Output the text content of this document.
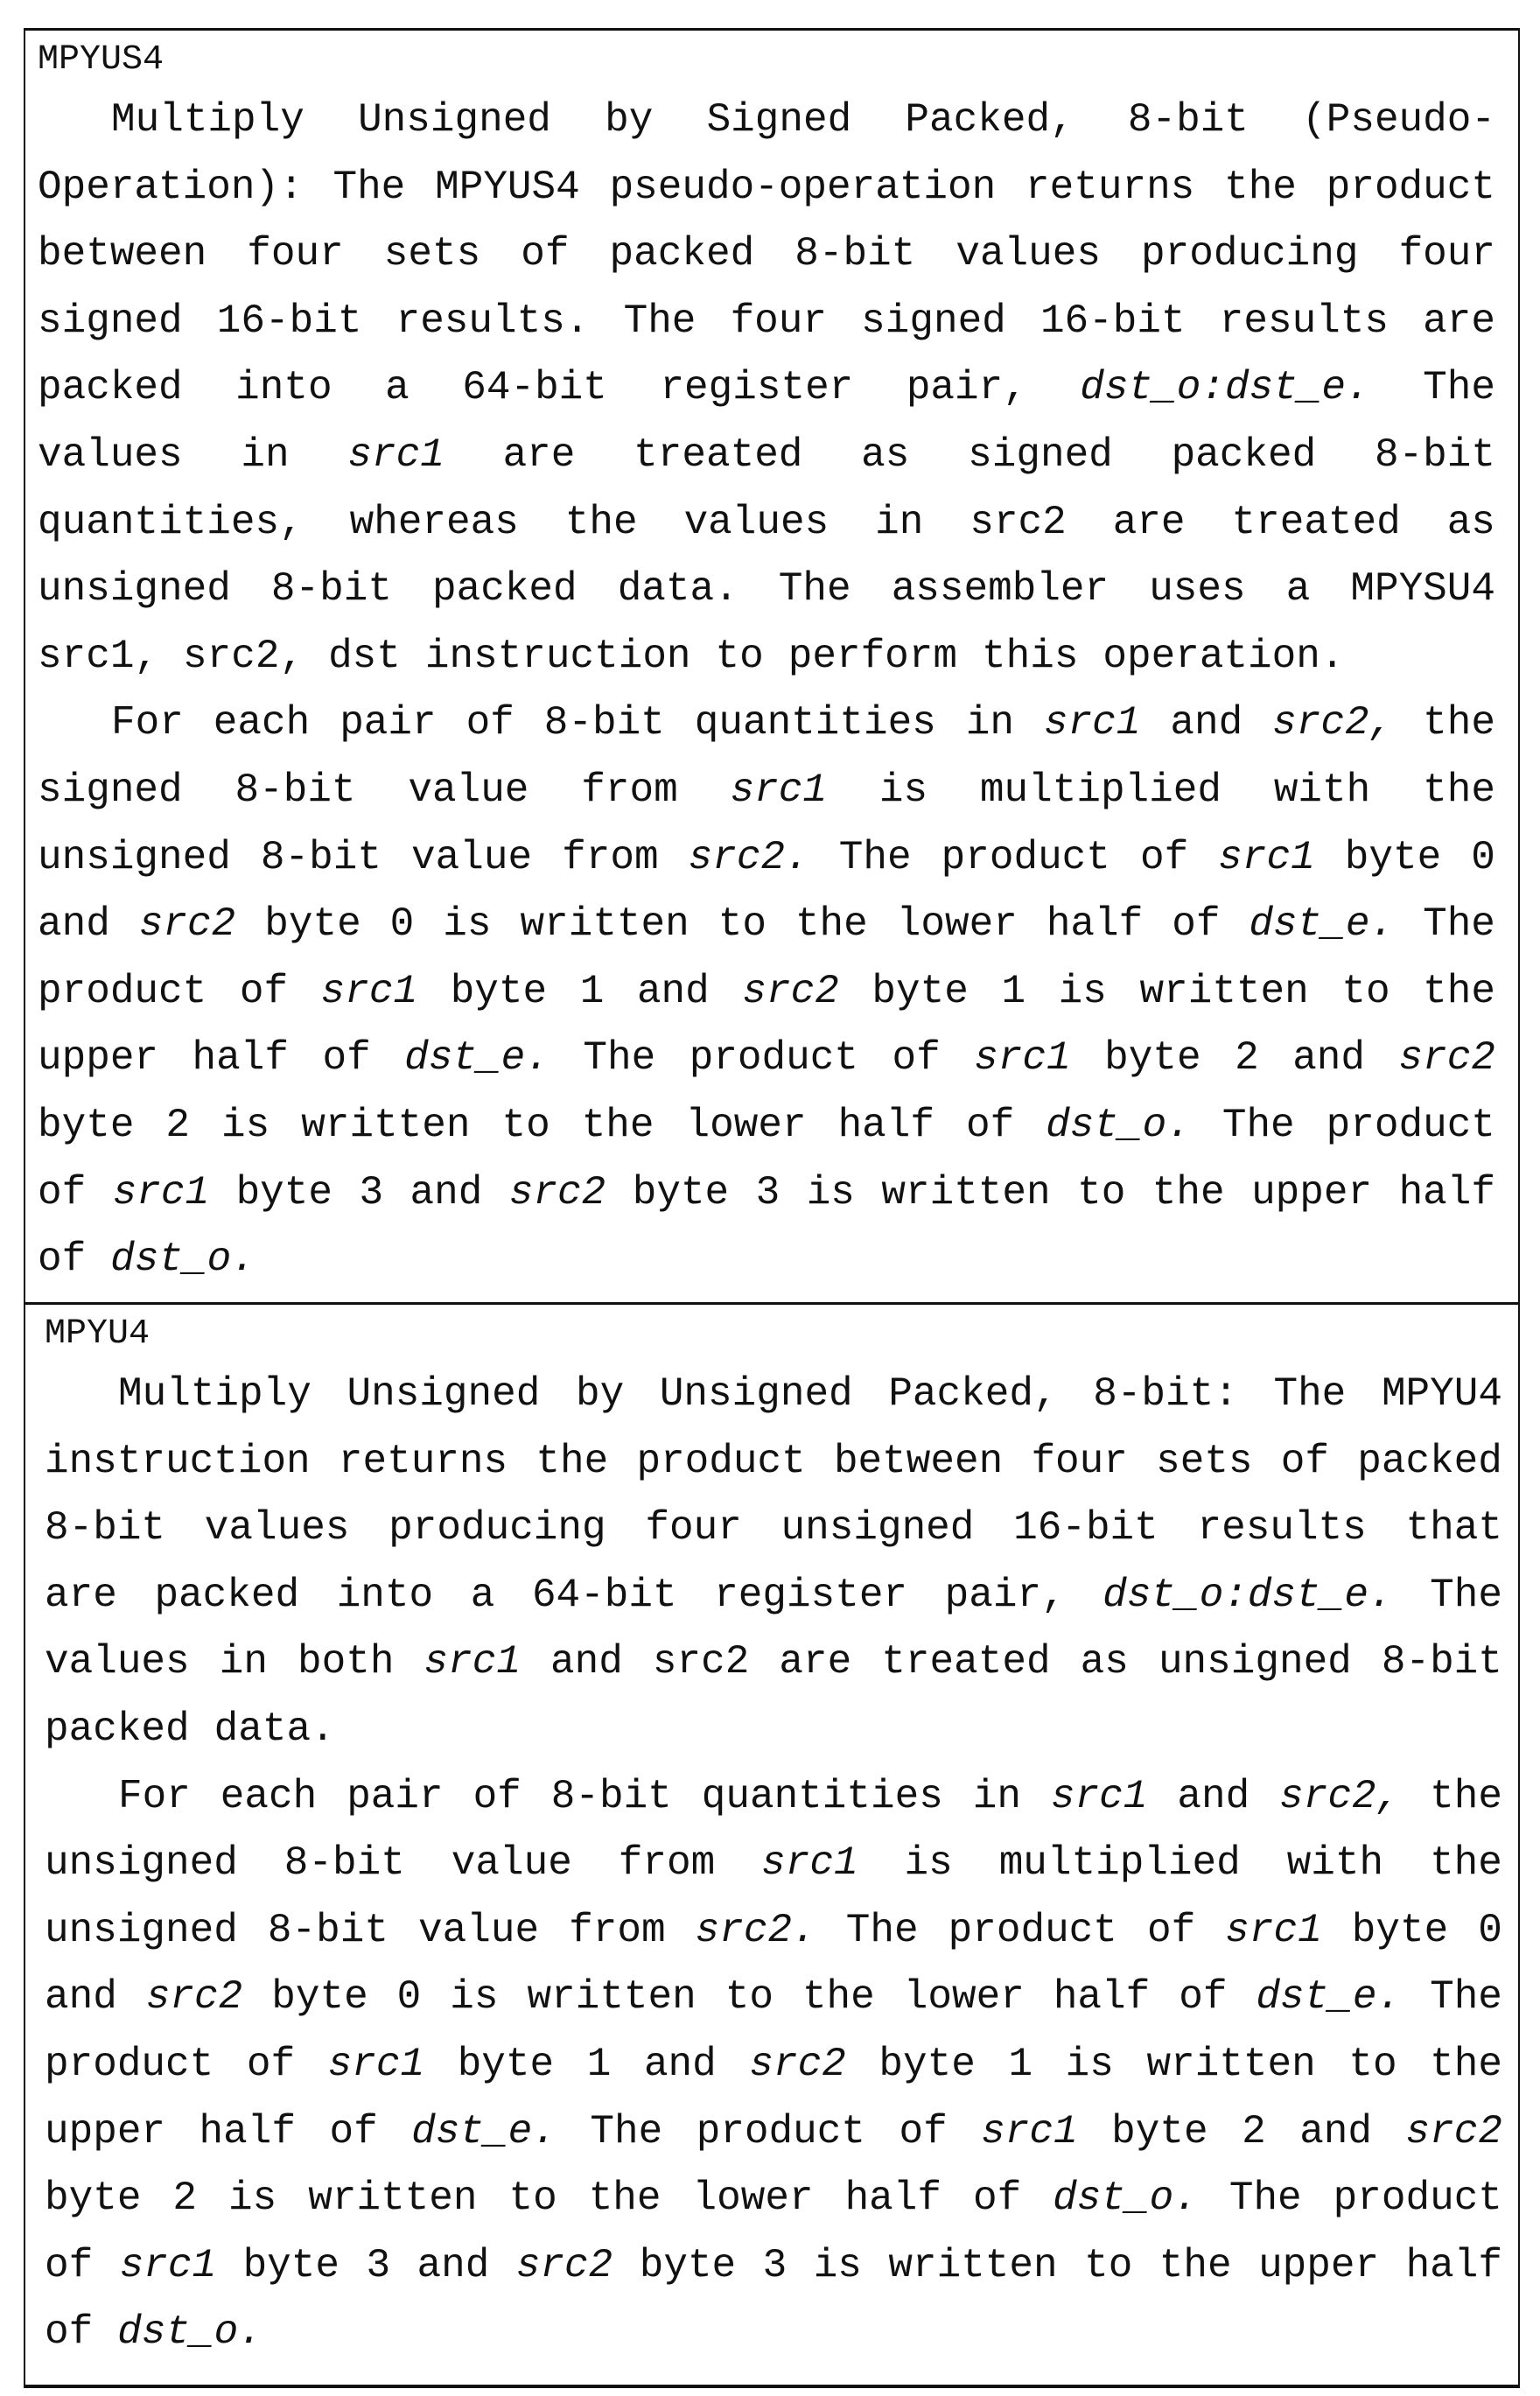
MPYUS4
Multiply Unsigned by Signed Packed, 8-bit (Pseudo-
Operation): The MPYUS4 pseudo-operation returns the product
between four sets of packed 8-bit values producing four
signed 16-bit results. The four signed 16-bit results are
packed into a 64-bit register pair, dst_o:dst_e. The
values in src1 are treated as signed packed 8-bit
quantities, whereas the values in src2 are treated as
unsigned 8-bit packed data. The assembler uses a MPYSU4
src1, src2, dst instruction to perform this operation.
For each pair of 8-bit quantities in src1 and src2, the
signed 8-bit value from src1 is multiplied with the
unsigned 8-bit value from src2. The product of src1 byte 0
and src2 byte 0 is written to the lower half of dst_e. The
product of src1 byte 1 and src2 byte 1 is written to the
upper half of dst_e. The product of src1 byte 2 and src2
byte 2 is written to the lower half of dst_o. The product
of src1 byte 3 and src2 byte 3 is written to the upper half
of dst_o.
MPYU4
Multiply Unsigned by Unsigned Packed, 8-bit: The MPYU4
instruction returns the product between four sets of packed
8-bit values producing four unsigned 16-bit results that
are packed into a 64-bit register pair, dst_o:dst_e. The
values in both src1 and src2 are treated as unsigned 8-bit
packed data.
For each pair of 8-bit quantities in src1 and src2, the
unsigned 8-bit value from src1 is multiplied with the
unsigned 8-bit value from src2. The product of src1 byte 0
and src2 byte 0 is written to the lower half of dst_e. The
product of src1 byte 1 and src2 byte 1 is written to the
upper half of dst_e. The product of src1 byte 2 and src2
byte 2 is written to the lower half of dst_o. The product
of src1 byte 3 and src2 byte 3 is written to the upper half
of dst_o.
